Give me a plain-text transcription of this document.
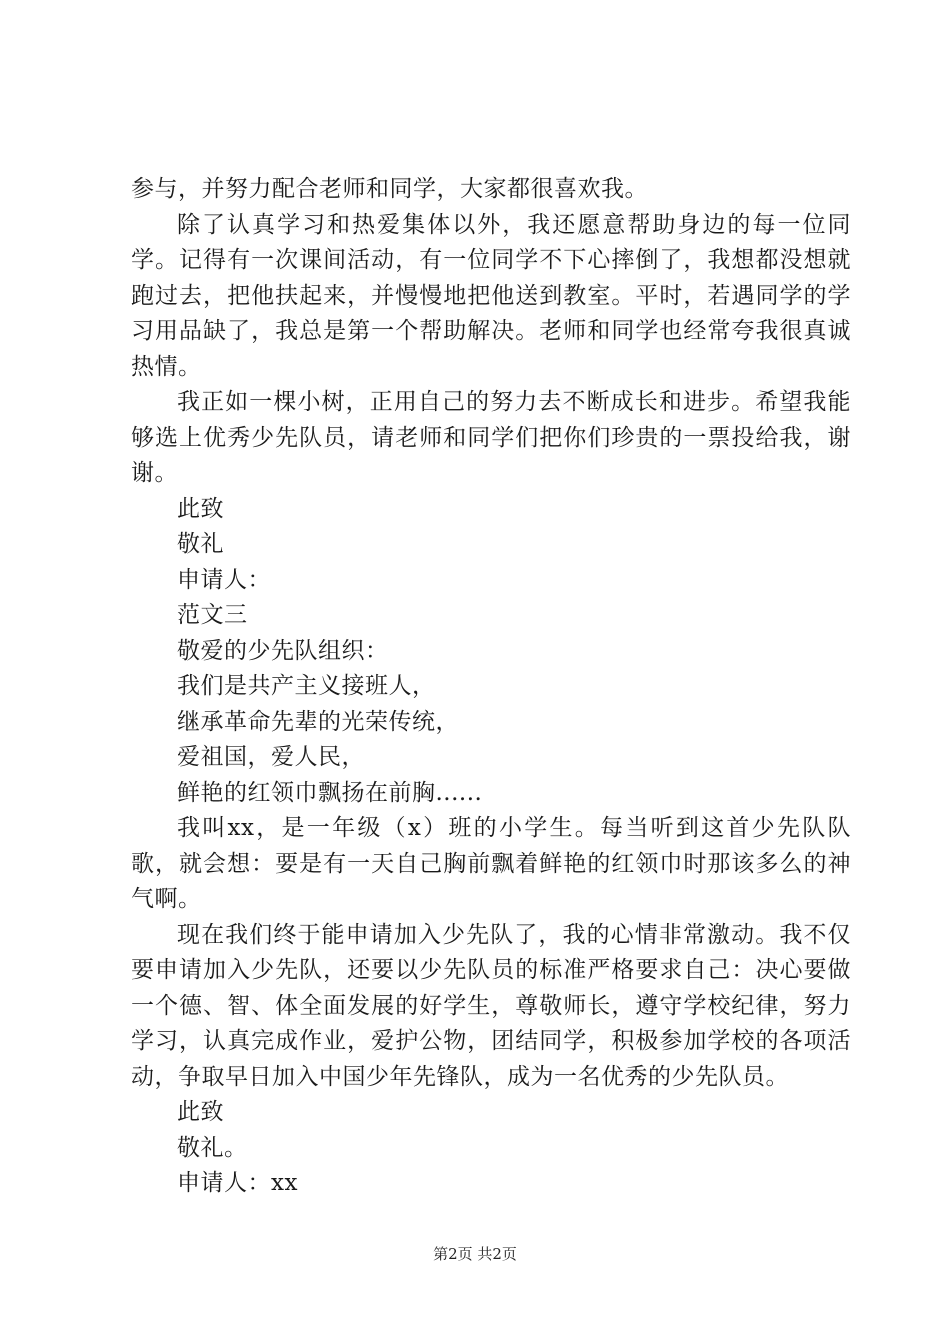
参与，并努力配合老师和同学，大家都很喜欢我。

除了认真学习和热爱集体以外，我还愿意帮助身边的每一位同学。记得有一次课间活动，有一位同学不下心摔倒了，我想都没想就跑过去，把他扶起来，并慢慢地把他送到教室。平时，若遇同学的学习用品缺了，我总是第一个帮助解决。老师和同学也经常夸我很真诚热情。

我正如一棵小树，正用自己的努力去不断成长和进步。希望我能够选上优秀少先队员，请老师和同学们把你们珍贵的一票投给我，谢谢。

此致

敬礼

申请人：

范文三

敬爱的少先队组织：

我们是共产主义接班人，

继承革命先辈的光荣传统，

爱祖国，爱人民，

鲜艳的红领巾飘扬在前胸......

我叫xx，是一年级（x）班的小学生。每当听到这首少先队队歌，就会想：要是有一天自己胸前飘着鲜艳的红领巾时那该多么的神气啊。

现在我们终于能申请加入少先队了，我的心情非常激动。我不仅要申请加入少先队，还要以少先队员的标准严格要求自己：决心要做一个德、智、体全面发展的好学生，尊敬师长，遵守学校纪律，努力学习，认真完成作业，爱护公物，团结同学，积极参加学校的各项活动，争取早日加入中国少年先锋队，成为一名优秀的少先队员。

此致

敬礼。

申请人：xx

第2页 共2页
